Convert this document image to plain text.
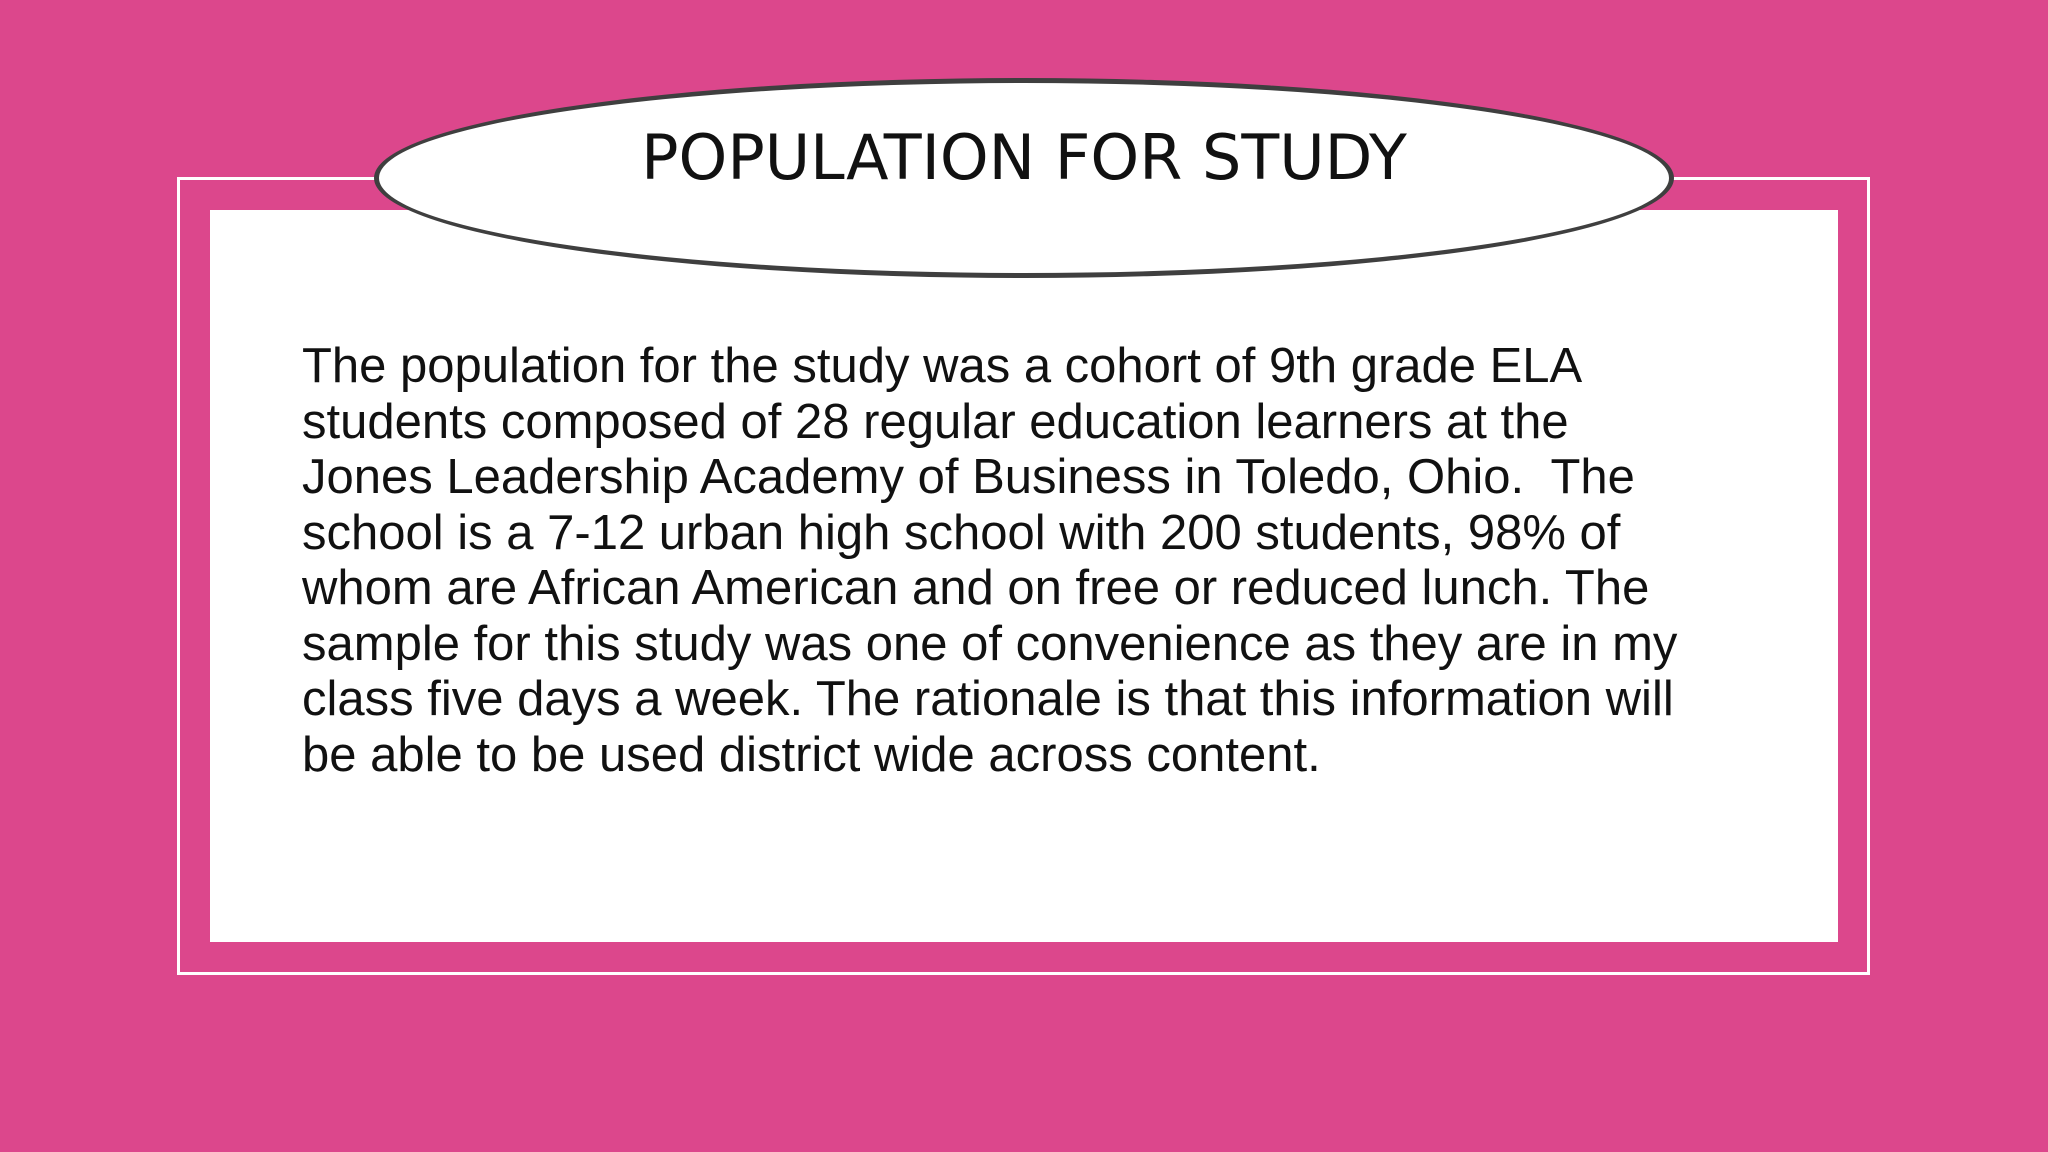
POPULATION FOR STUDY
The population for the study was a cohort of 9th grade ELA
students composed of 28 regular education learners at the
Jones Leadership Academy of Business in Toledo, Ohio.  The
school is a 7-12 urban high school with 200 students, 98% of
whom are African American and on free or reduced lunch. The
sample for this study was one of convenience as they are in my
class five days a week. The rationale is that this information will
be able to be used district wide across content.
